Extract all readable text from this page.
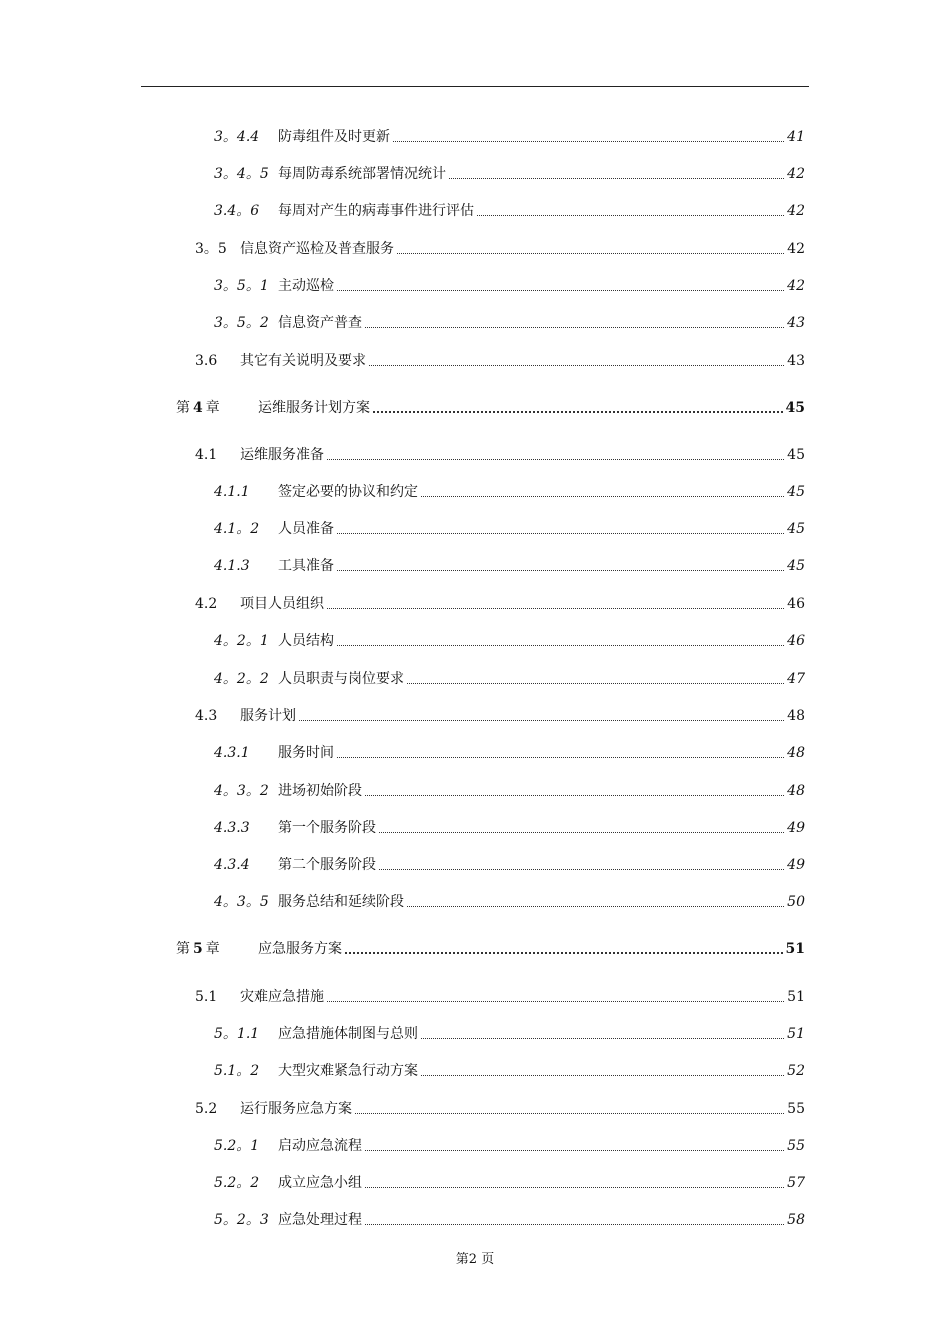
3。4.4	防毒组件及时更新	41
3。4。5 每周防毒系统部署情况统计	42
3.4。6	每周对产生的病毒事件进行评估	42
3。5 信息资产巡检及普查服务	42
3。5。1 主动巡检	42
3。5。2 信息资产普查	43
3.6	其它有关说明及要求	43
第 4 章	运维服务计划方案	45
4.1	运维服务准备	45
4.1.1	签定必要的协议和约定	45
4.1。2	人员准备	45
4.1.3	工具准备	45
4.2	项目人员组织	46
4。2。1 人员结构	46
4。2。2 人员职责与岗位要求	47
4.3	服务计划	48
4.3.1	服务时间	48
4。3。2 进场初始阶段	48
4.3.3	第一个服务阶段	49
4.3.4	第二个服务阶段	49
4。3。5 服务总结和延续阶段	50
第 5 章	应急服务方案	51
5.1	灾难应急措施	51
5。1.1	应急措施体制图与总则	51
5.1。2	大型灾难紧急行动方案	52
5.2	运行服务应急方案	55
5.2。1	启动应急流程	55
5.2。2	成立应急小组	57
5。2。3 应急处理过程	58
第2 页
